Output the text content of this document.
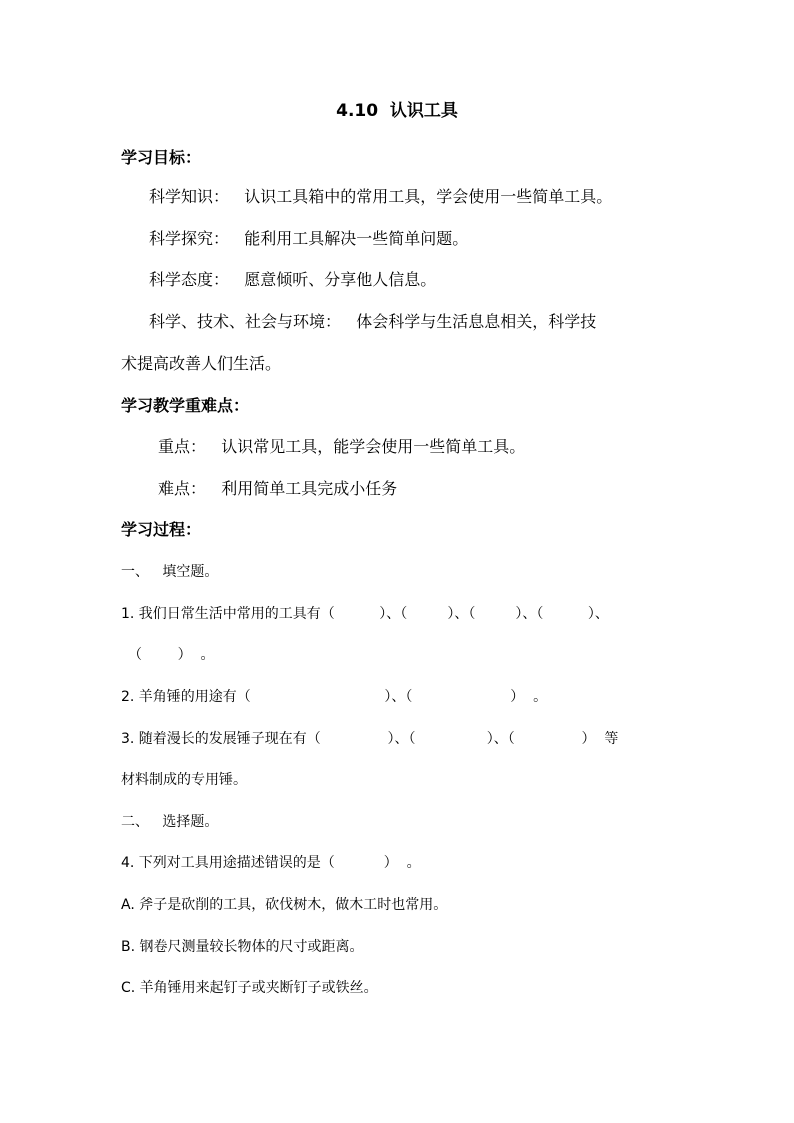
4.10  认识工具
学习目标：
科学知识：   认识工具箱中的常用工具，学会使用一些简单工具。
科学探究：   能利用工具解决一些简单问题。
科学态度：   愿意倾听、分享他人信息。
科学、技术、社会与环境：   体会科学与生活息息相关，科学技
术提高改善人们生活。
学习教学重难点：
重点：   认识常见工具，能学会使用一些简单工具。
难点：   利用简单工具完成小任务
学习过程：
一、   填空题。
1. 我们日常生活中常用的工具有（          ）、（         ）、（         ）、（          ）、
（        ）  。
2. 羊角锤的用途有（                              ）、（                      ）  。
3. 随着漫长的发展锤子现在有（               ）、（                ）、（               ）  等
材料制成的专用锤。
二、   选择题。
4. 下列对工具用途描述错误的是（           ）  。
A. 斧子是砍削的工具，砍伐树木，做木工时也常用。
B. 钢卷尺测量较长物体的尺寸或距离。
C. 羊角锤用来起钉子或夹断钉子或铁丝。
